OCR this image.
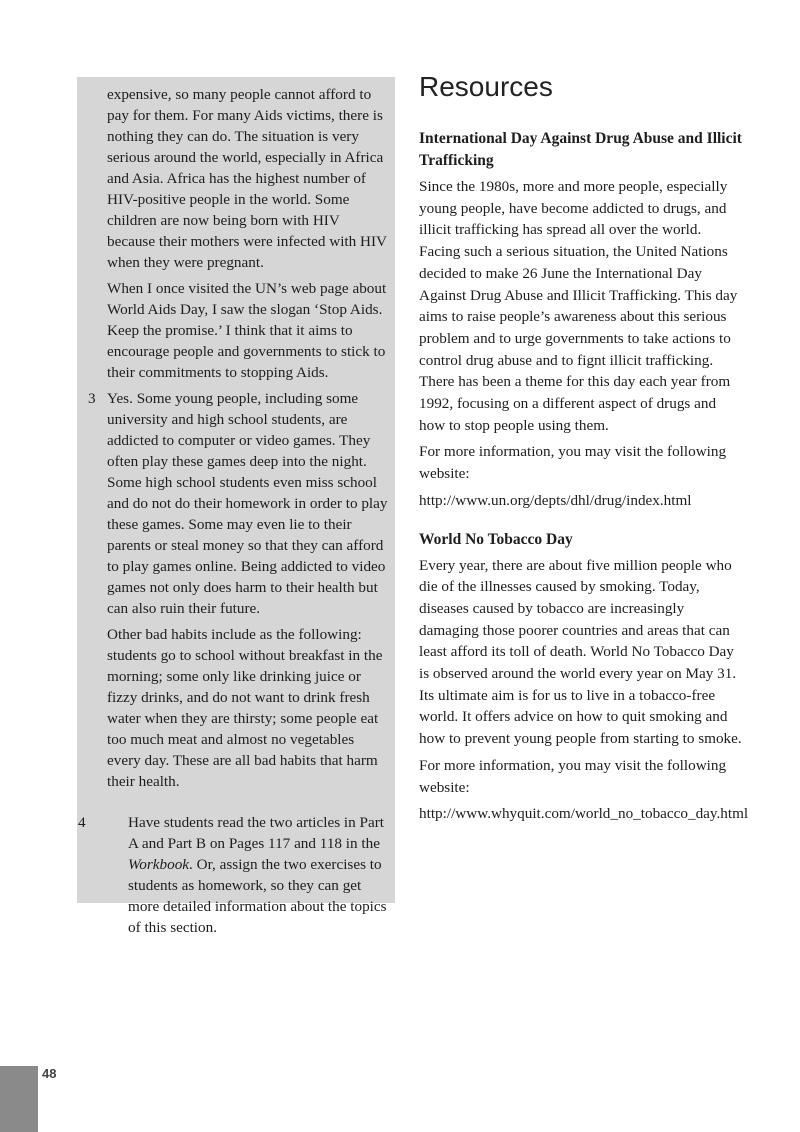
expensive, so many people cannot afford to pay for them. For many Aids victims, there is nothing they can do. The situation is very serious around the world, especially in Africa and Asia. Africa has the highest number of HIV-positive people in the world. Some children are now being born with HIV because their mothers were infected with HIV when they were pregnant.

When I once visited the UN’s web page about World Aids Day, I saw the slogan ‘Stop Aids. Keep the promise.’ I think that it aims to encourage people and governments to stick to their commitments to stopping Aids.

3 Yes. Some young people, including some university and high school students, are addicted to computer or video games. They often play these games deep into the night. Some high school students even miss school and do not do their homework in order to play these games. Some may even lie to their parents or steal money so that they can afford to play games online. Being addicted to video games not only does harm to their health but can also ruin their future.

Other bad habits include as the following: students go to school without breakfast in the morning; some only like drinking juice or fizzy drinks, and do not want to drink fresh water when they are thirsty; some people eat too much meat and almost no vegetables every day. These are all bad habits that harm their health.

4	Have students read the two articles in Part A and Part B on Pages 117 and 118 in the Workbook. Or, assign the two exercises to students as homework, so they can get more detailed information about the topics of this section.

Resources
International Day Against Drug Abuse and Illicit Trafficking

Since the 1980s, more and more people, especially young people, have become addicted to drugs, and illicit trafficking has spread all over the world. Facing such a serious situation, the United Nations decided to make 26 June the International Day Against Drug Abuse and Illicit Trafficking. This day aims to raise people’s awareness about this serious problem and to urge governments to take actions to control drug abuse and to fignt illicit trafficking. There has been a theme for this day each year from 1992, focusing on a different aspect of drugs and how to stop people using them.

For more information, you may visit the following website:

http://www.un.org/depts/dhl/drug/index.html

World No Tobacco Day

Every year, there are about five million people who die of the illnesses caused by smoking. Today, diseases caused by tobacco are increasingly damaging those poorer countries and areas that can least afford its toll of death. World No Tobacco Day is observed around the world every year on May 31. Its ultimate aim is for us to live in a tobacco-free world. It offers advice on how to quit smoking and how to prevent young people from starting to smoke.

For more information, you may visit the following website:

http://www.whyquit.com/world_no_tobacco_day.html

48
